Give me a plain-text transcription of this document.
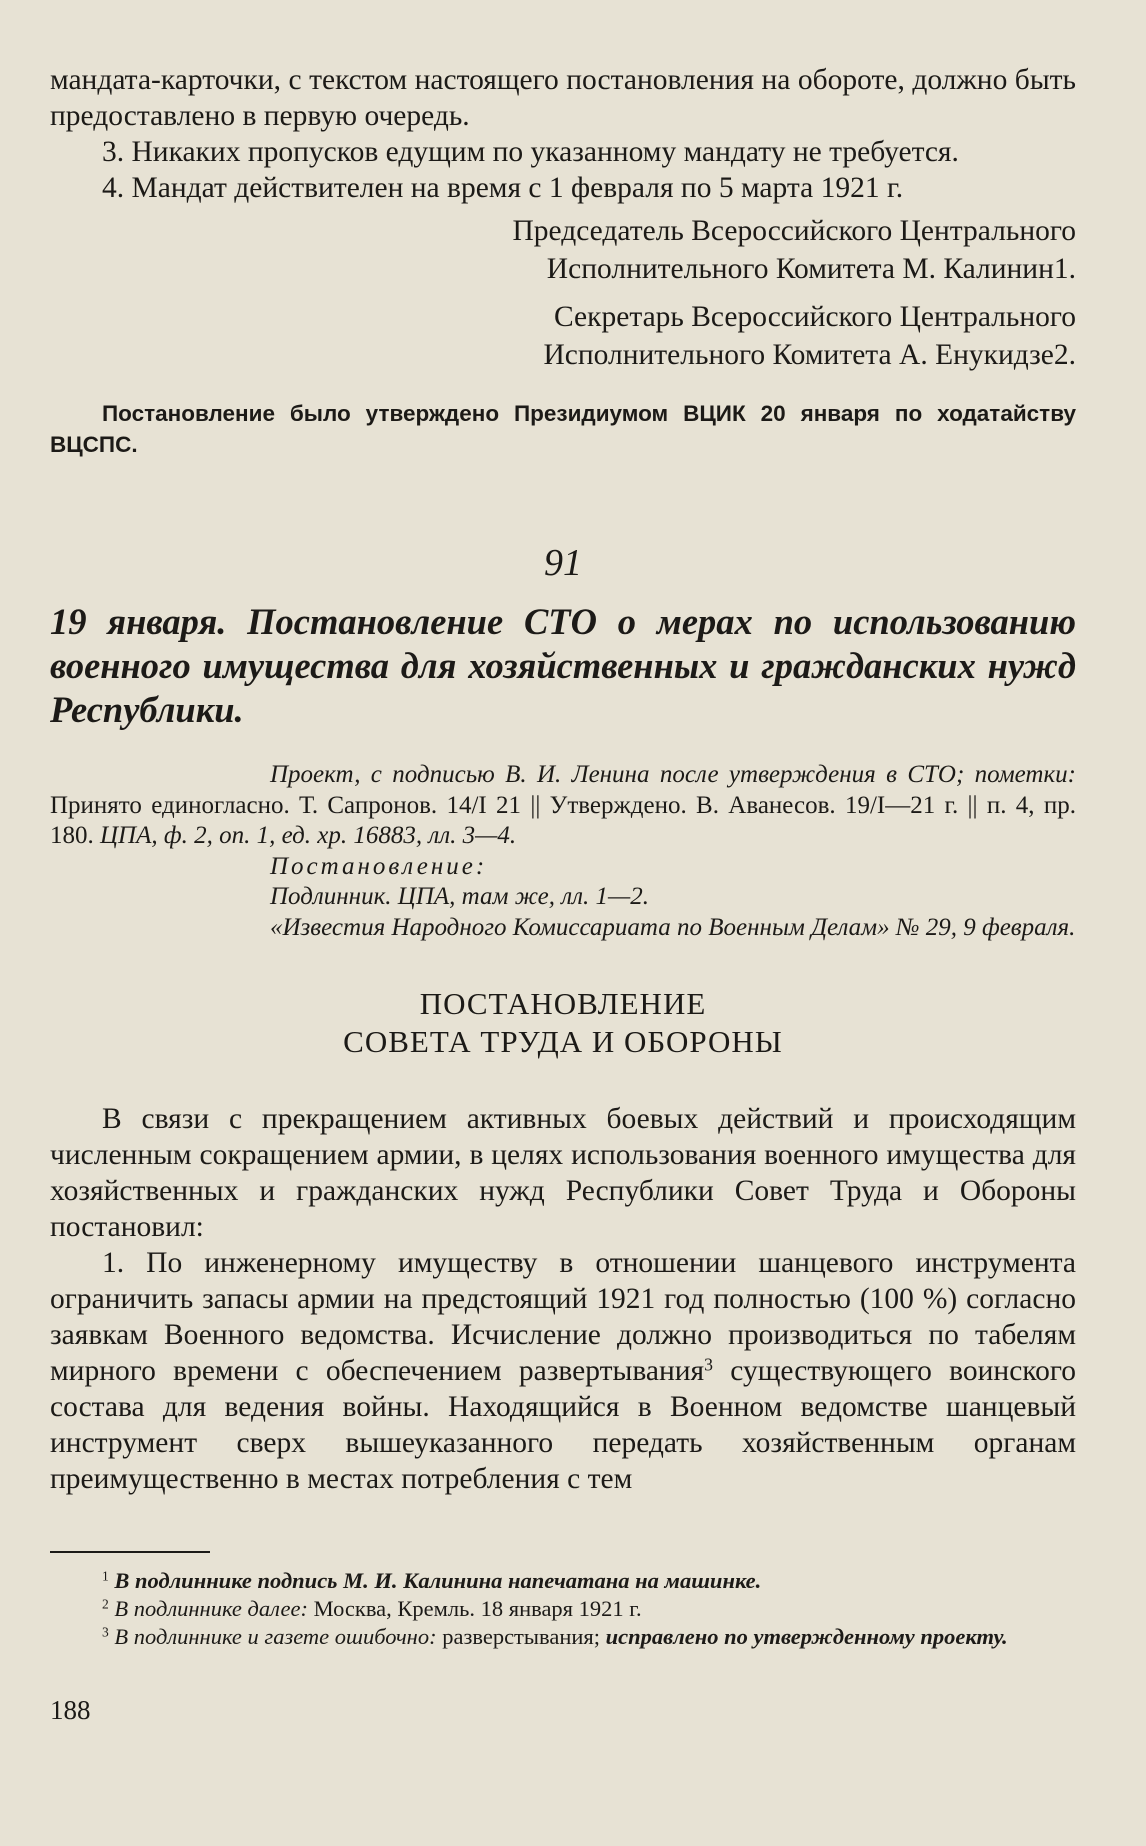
мандата-карточки, с текстом настоящего постановления на обороте, должно быть предоставлено в первую очередь.

3. Никаких пропусков едущим по указанному мандату не требуется.

4. Мандат действителен на время с 1 февраля по 5 марта 1921 г.

Председатель Всероссийского Центрального

Исполнительного Комитета М. Калинин1.

Секретарь Всероссийского Центрального

Исполнительного Комитета А. Енукидзе2.

Постановление было утверждено Президиумом ВЦИК 20 января по ходатайству ВЦСПС.

91

19 января. Постановление СТО о мерах по использованию военного имущества для хозяйственных и гражданских нужд Республики.

Проект, с подписью В. И. Ленина после утверждения в СТО; пометки: Принято единогласно. Т. Сапронов. 14/I 21 || Утверждено. В. Аванесов. 19/I—21 г. || п. 4, пр. 180. ЦПА, ф. 2, оп. 1, ед. хр. 16883, лл. 3—4.

Постановление:

Подлинник. ЦПА, там же, лл. 1—2.

«Известия Народного Комиссариата по Военным Делам» № 29, 9 февраля.

ПОСТАНОВЛЕНИЕ

СОВЕТА ТРУДА И ОБОРОНЫ

В связи с прекращением активных боевых действий и происходящим численным сокращением армии, в целях использования военного имущества для хозяйственных и гражданских нужд Республики Совет Труда и Обороны постановил:

1. По инженерному имуществу в отношении шанцевого инструмента ограничить запасы армии на предстоящий 1921 год полностью (100 %) согласно заявкам Военного ведомства. Исчисление должно производиться по табелям мирного времени с обеспечением развертывания$^3$ существующего воинского состава для ведения войны. Находящийся в Военном ведомстве шанцевый инструмент сверх вышеуказанного передать хозяйственным органам преимущественно в местах потребления с тем

$^1$ В подлиннике подпись М. И. Калинина напечатана на машинке.

$^2$ В подлиннике далее: Москва, Кремль. 18 января 1921 г.

$^3$ В подлиннике и газете ошибочно: разверстывания; исправлено по утвержденному проекту.

188
